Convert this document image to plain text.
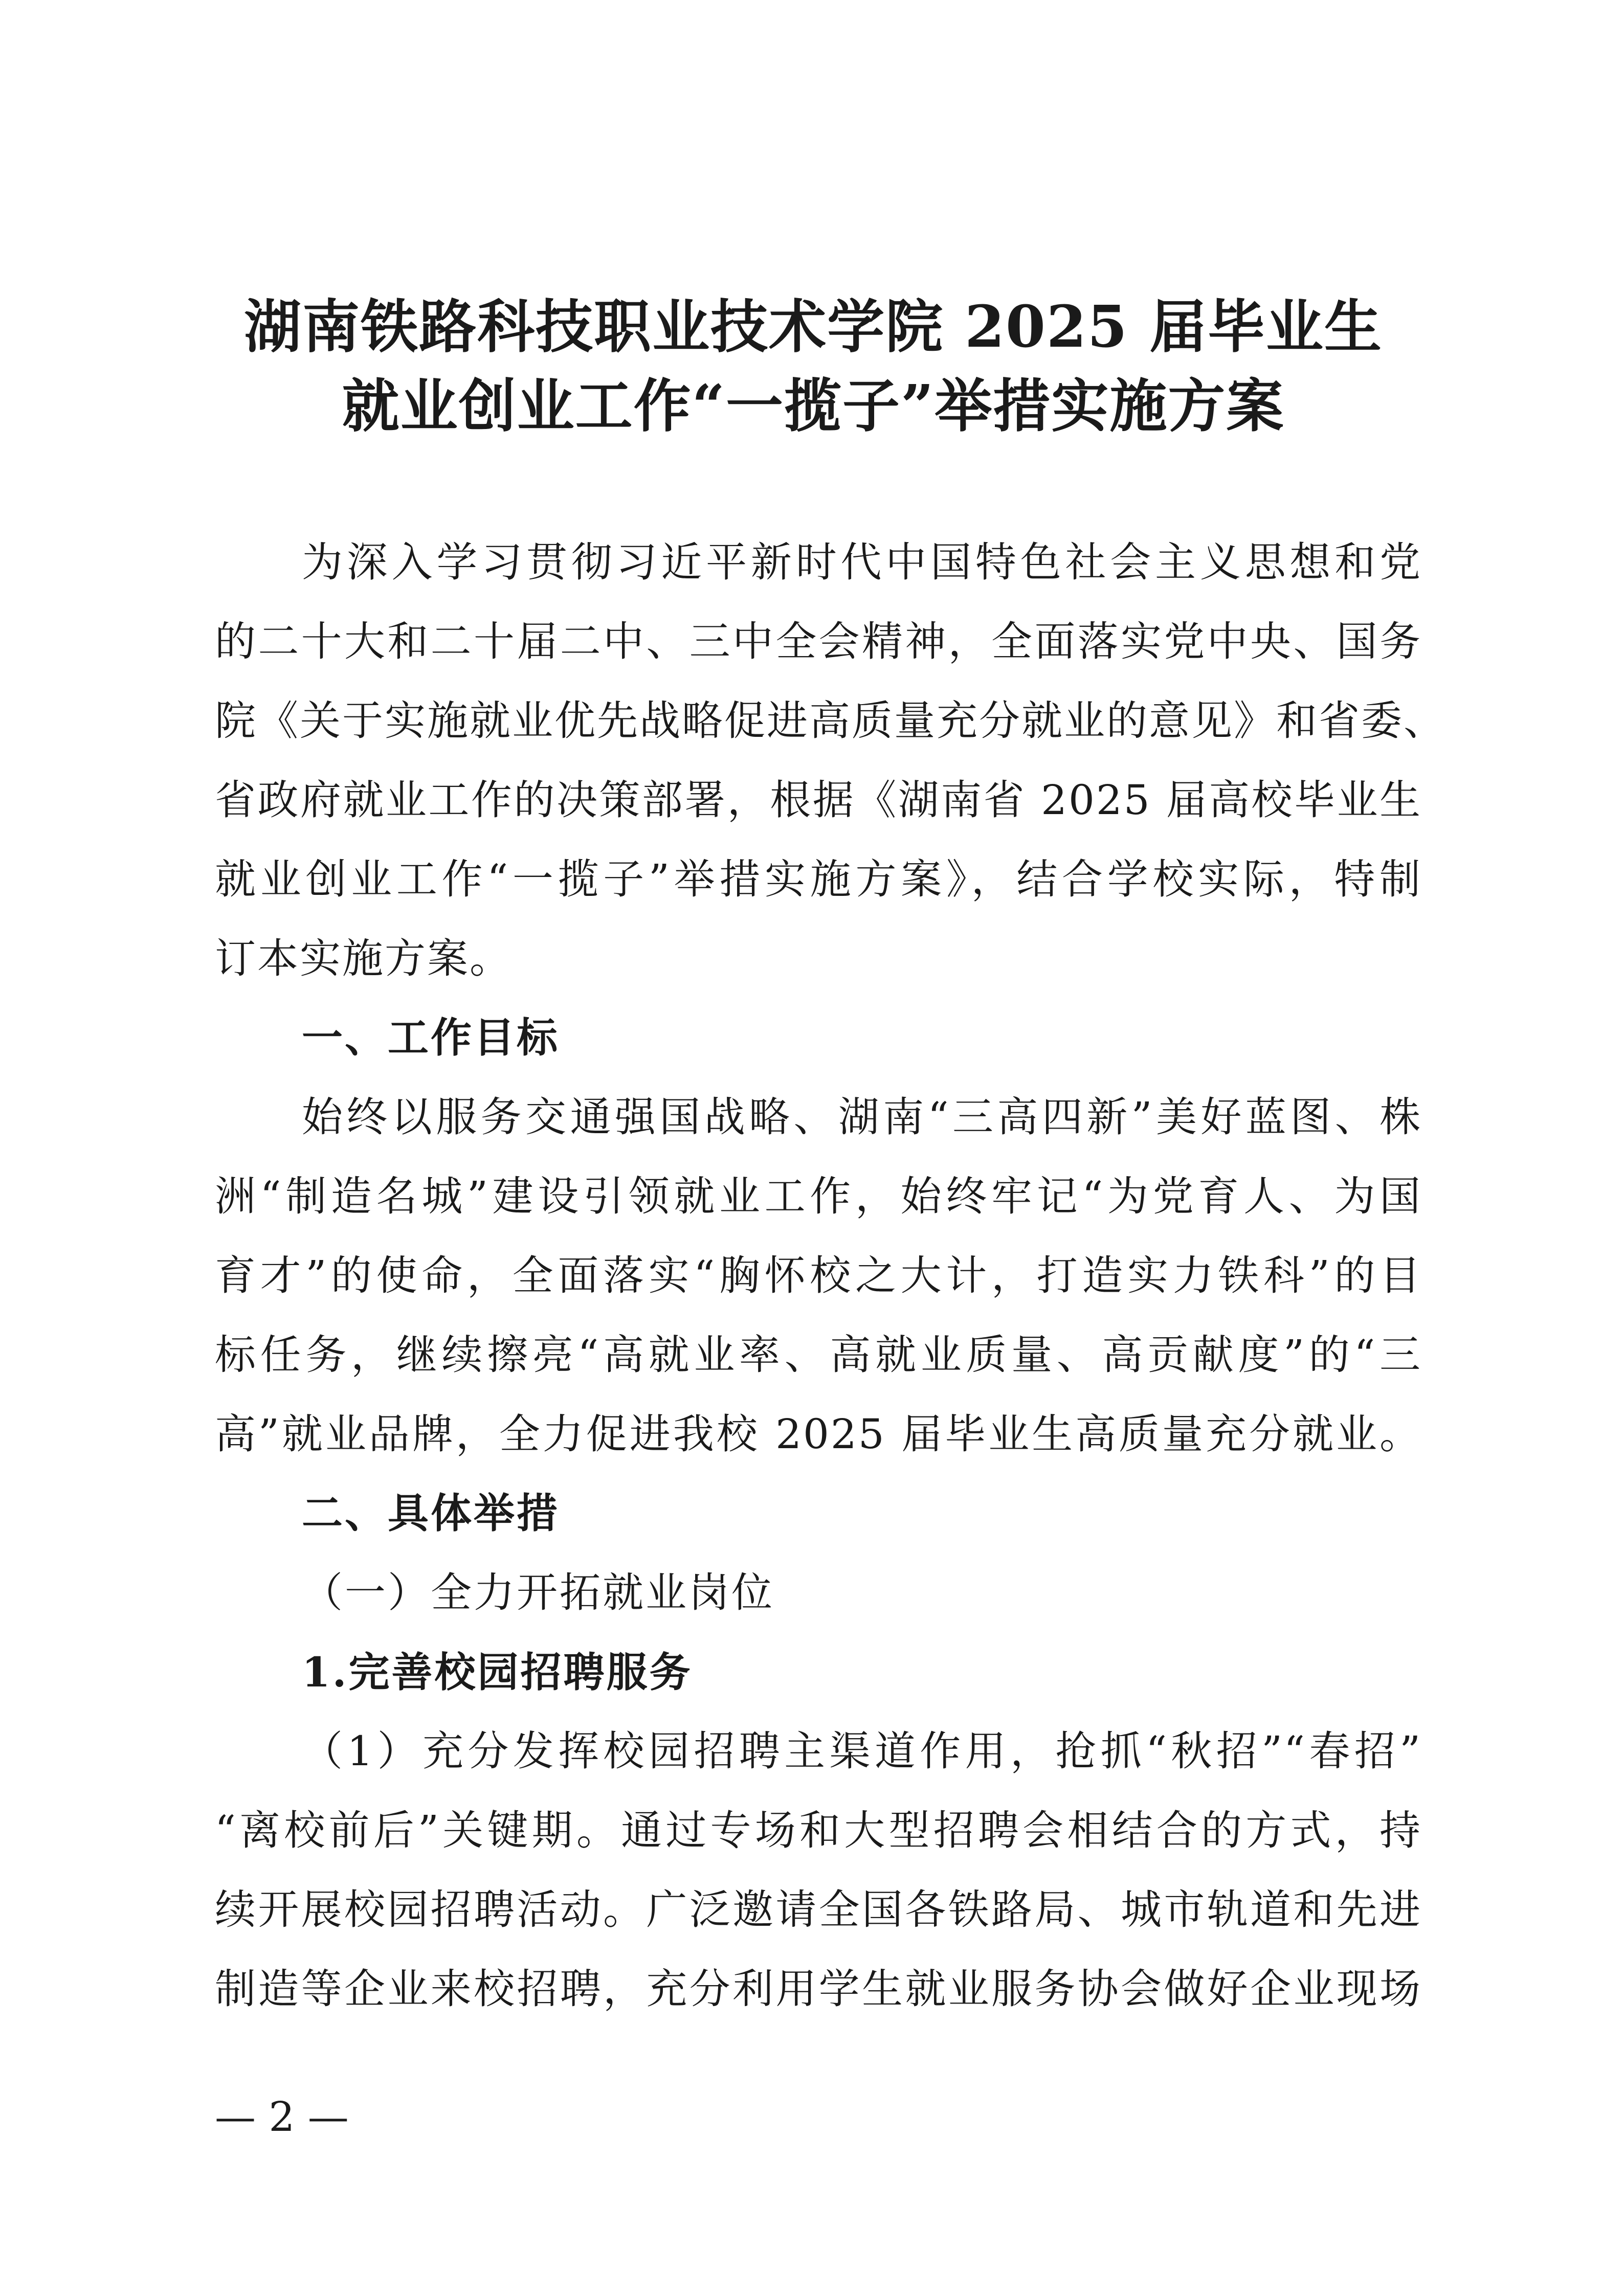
湖南铁路科技职业技术学院 2025 届毕业生
就业创业工作“一揽子”举措实施方案
为深入学习贯彻习近平新时代中国特色社会主义思想和党
的二十大和二十届二中、三中全会精神，全面落实党中央、国务
院《关于实施就业优先战略促进高质量充分就业的意见》和省委、
省政府就业工作的决策部署，根据《湖南省 2025 届高校毕业生
就业创业工作“一揽子”举措实施方案》，结合学校实际，特制
订本实施方案。
一、工作目标
始终以服务交通强国战略、湖南“三高四新”美好蓝图、株
洲“制造名城”建设引领就业工作，始终牢记“为党育人、为国
育才”的使命，全面落实“胸怀校之大计，打造实力铁科”的目
标任务，继续擦亮“高就业率、高就业质量、高贡献度”的“三
高”就业品牌，全力促进我校 2025 届毕业生高质量充分就业。
二、具体举措
（一）全力开拓就业岗位
1.完善校园招聘服务
（1）充分发挥校园招聘主渠道作用，抢抓“秋招”“春招”
“离校前后”关键期。通过专场和大型招聘会相结合的方式，持
续开展校园招聘活动。广泛邀请全国各铁路局、城市轨道和先进
制造等企业来校招聘，充分利用学生就业服务协会做好企业现场
— 2 —
